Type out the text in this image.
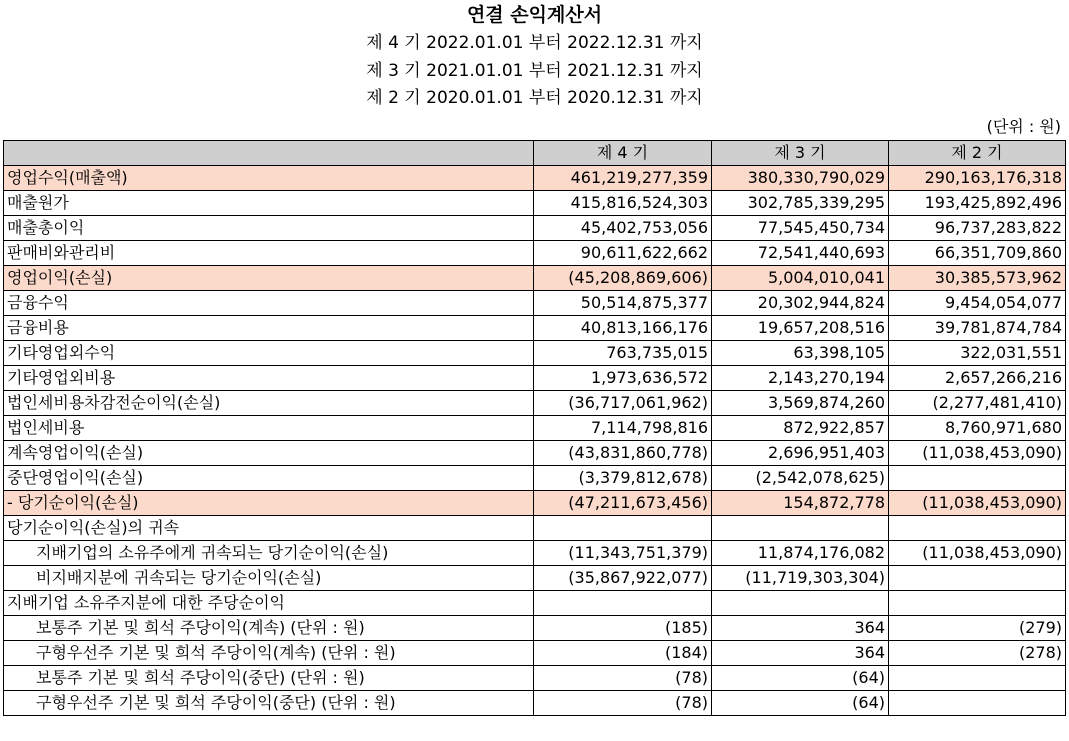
연결 손익계산서
제 4 기 2022.01.01 부터 2022.12.31 까지
제 3 기 2021.01.01 부터 2021.12.31 까지
제 2 기 2020.01.01 부터 2020.12.31 까지
(단위 : 원)
	제 4 기	제 3 기	제 2 기
영업수익(매출액)	461,219,277,359	380,330,790,029	290,163,176,318
매출원가	415,816,524,303	302,785,339,295	193,425,892,496
매출총이익	45,402,753,056	77,545,450,734	96,737,283,822
판매비와관리비	90,611,622,662	72,541,440,693	66,351,709,860
영업이익(손실)	(45,208,869,606)	5,004,010,041	30,385,573,962
금융수익	50,514,875,377	20,302,944,824	9,454,054,077
금융비용	40,813,166,176	19,657,208,516	39,781,874,784
기타영업외수익	763,735,015	63,398,105	322,031,551
기타영업외비용	1,973,636,572	2,143,270,194	2,657,266,216
법인세비용차감전순이익(손실)	(36,717,061,962)	3,569,874,260	(2,277,481,410)
법인세비용	7,114,798,816	872,922,857	8,760,971,680
계속영업이익(손실)	(43,831,860,778)	2,696,951,403	(11,038,453,090)
중단영업이익(손실)	(3,379,812,678)	(2,542,078,625)	
- 당기순이익(손실)	(47,211,673,456)	154,872,778	(11,038,453,090)
당기순이익(손실)의 귀속			
지배기업의 소유주에게 귀속되는 당기순이익(손실)	(11,343,751,379)	11,874,176,082	(11,038,453,090)
비지배지분에 귀속되는 당기순이익(손실)	(35,867,922,077)	(11,719,303,304)	
지배기업 소유주지분에 대한 주당순이익			
보통주 기본 및 희석 주당이익(계속) (단위 : 원)	(185)	364	(279)
구형우선주 기본 및 희석 주당이익(계속) (단위 : 원)	(184)	364	(278)
보통주 기본 및 희석 주당이익(중단) (단위 : 원)	(78)	(64)	
구형우선주 기본 및 희석 주당이익(중단) (단위 : 원)	(78)	(64)	
